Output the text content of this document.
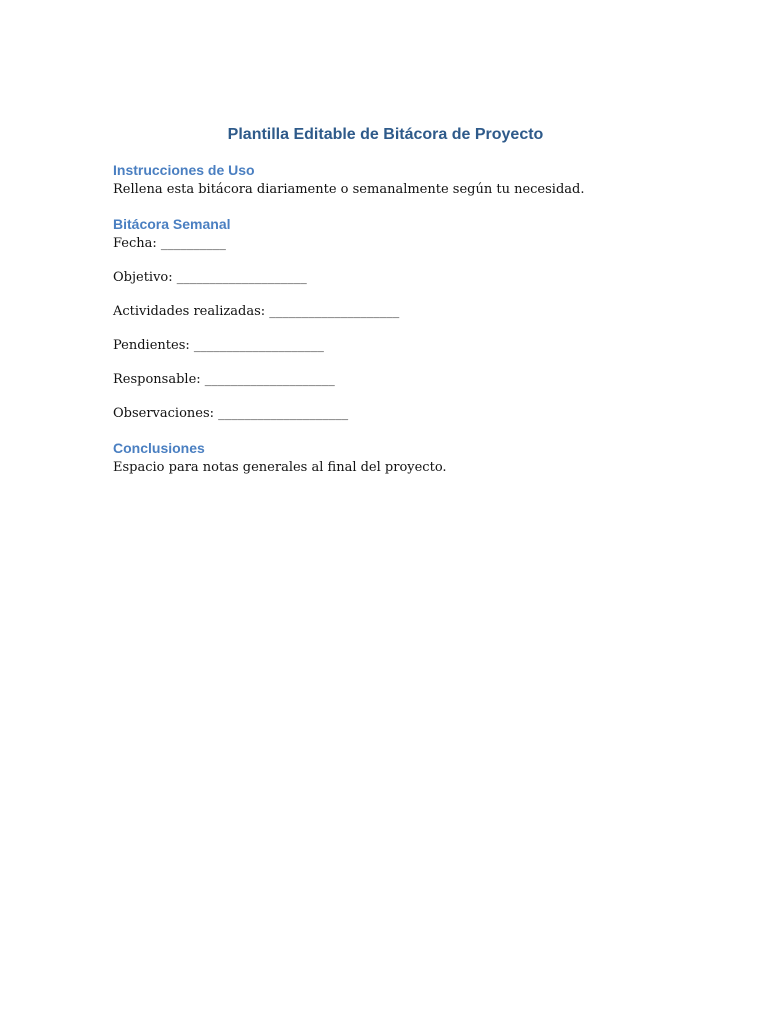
Plantilla Editable de Bitácora de Proyecto
Instrucciones de Uso

Rellena esta bitácora diariamente o semanalmente según tu necesidad.

Bitácora Semanal

Fecha: __________

Objetivo: ____________________

Actividades realizadas: ____________________

Pendientes: ____________________

Responsable: ____________________

Observaciones: ____________________

Conclusiones

Espacio para notas generales al final del proyecto.
